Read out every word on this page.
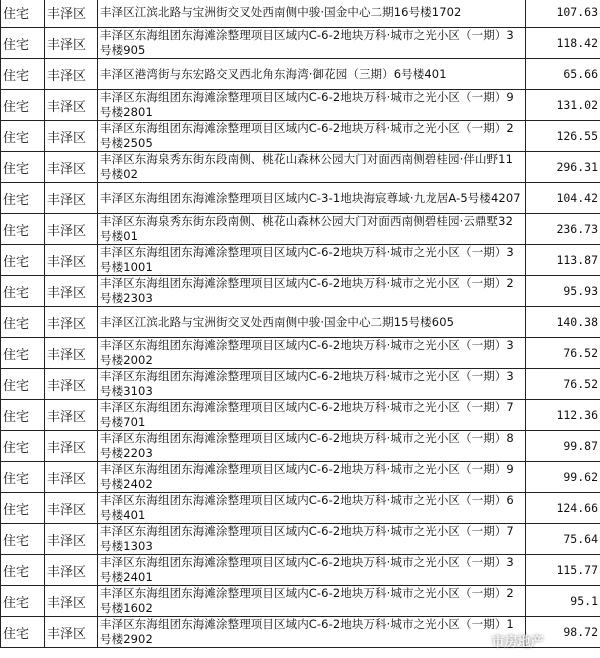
住宅	丰泽区	丰泽区江滨北路与宝洲街交叉处西南侧中骏·国金中心二期16号楼1702	107.63
住宅	丰泽区	丰泽区东海组团东海滩涂整理项目区域内C-6-2地块万科·城市之光小区（一期）3号楼905	118.42
住宅	丰泽区	丰泽区港湾街与东宏路交叉西北角东海湾·御花园（三期）6号楼401	65.66
住宅	丰泽区	丰泽区东海组团东海滩涂整理项目区域内C-6-2地块万科·城市之光小区（一期）9号楼2801	131.02
住宅	丰泽区	丰泽区东海组团东海滩涂整理项目区域内C-6-2地块万科·城市之光小区（一期）2号楼2505	126.55
住宅	丰泽区	丰泽区东海泉秀东街东段南侧、桃花山森林公园大门对面西南侧碧桂园·伴山野11号楼02	296.31
住宅	丰泽区	丰泽区东海组团东海滩涂整理项目区域内C-3-1地块海宸尊域·九龙居A-5号楼4207	104.42
住宅	丰泽区	丰泽区东海泉秀东街东段南侧、桃花山森林公园大门对面西南侧碧桂园·云鼎墅32号楼01	236.73
住宅	丰泽区	丰泽区东海组团东海滩涂整理项目区域内C-6-2地块万科·城市之光小区（一期）3号楼1001	113.87
住宅	丰泽区	丰泽区东海组团东海滩涂整理项目区域内C-6-2地块万科·城市之光小区（一期）2号楼2303	95.93
住宅	丰泽区	丰泽区江滨北路与宝洲街交叉处西南侧中骏·国金中心二期15号楼605	140.38
住宅	丰泽区	丰泽区东海组团东海滩涂整理项目区域内C-6-2地块万科·城市之光小区（一期）3号楼2002	76.52
住宅	丰泽区	丰泽区东海组团东海滩涂整理项目区域内C-6-2地块万科·城市之光小区（一期）3号楼3103	76.52
住宅	丰泽区	丰泽区东海组团东海滩涂整理项目区域内C-6-2地块万科·城市之光小区（一期）7号楼701	112.36
住宅	丰泽区	丰泽区东海组团东海滩涂整理项目区域内C-6-2地块万科·城市之光小区（一期）8号楼2203	99.87
住宅	丰泽区	丰泽区东海组团东海滩涂整理项目区域内C-6-2地块万科·城市之光小区（一期）9号楼2402	99.62
住宅	丰泽区	丰泽区东海组团东海滩涂整理项目区域内C-6-2地块万科·城市之光小区（一期）6号楼401	124.66
住宅	丰泽区	丰泽区东海组团东海滩涂整理项目区域内C-6-2地块万科·城市之光小区（一期）7号楼1303	75.64
住宅	丰泽区	丰泽区东海组团东海滩涂整理项目区域内C-6-2地块万科·城市之光小区（一期）3号楼2401	115.77
住宅	丰泽区	丰泽区东海组团东海滩涂整理项目区域内C-6-2地块万科·城市之光小区（一期）2号楼1602	95.1
住宅	丰泽区	丰泽区东海组团东海滩涂整理项目区域内C-6-2地块万科·城市之光小区（一期）1号楼2902	98.72
市房地产
